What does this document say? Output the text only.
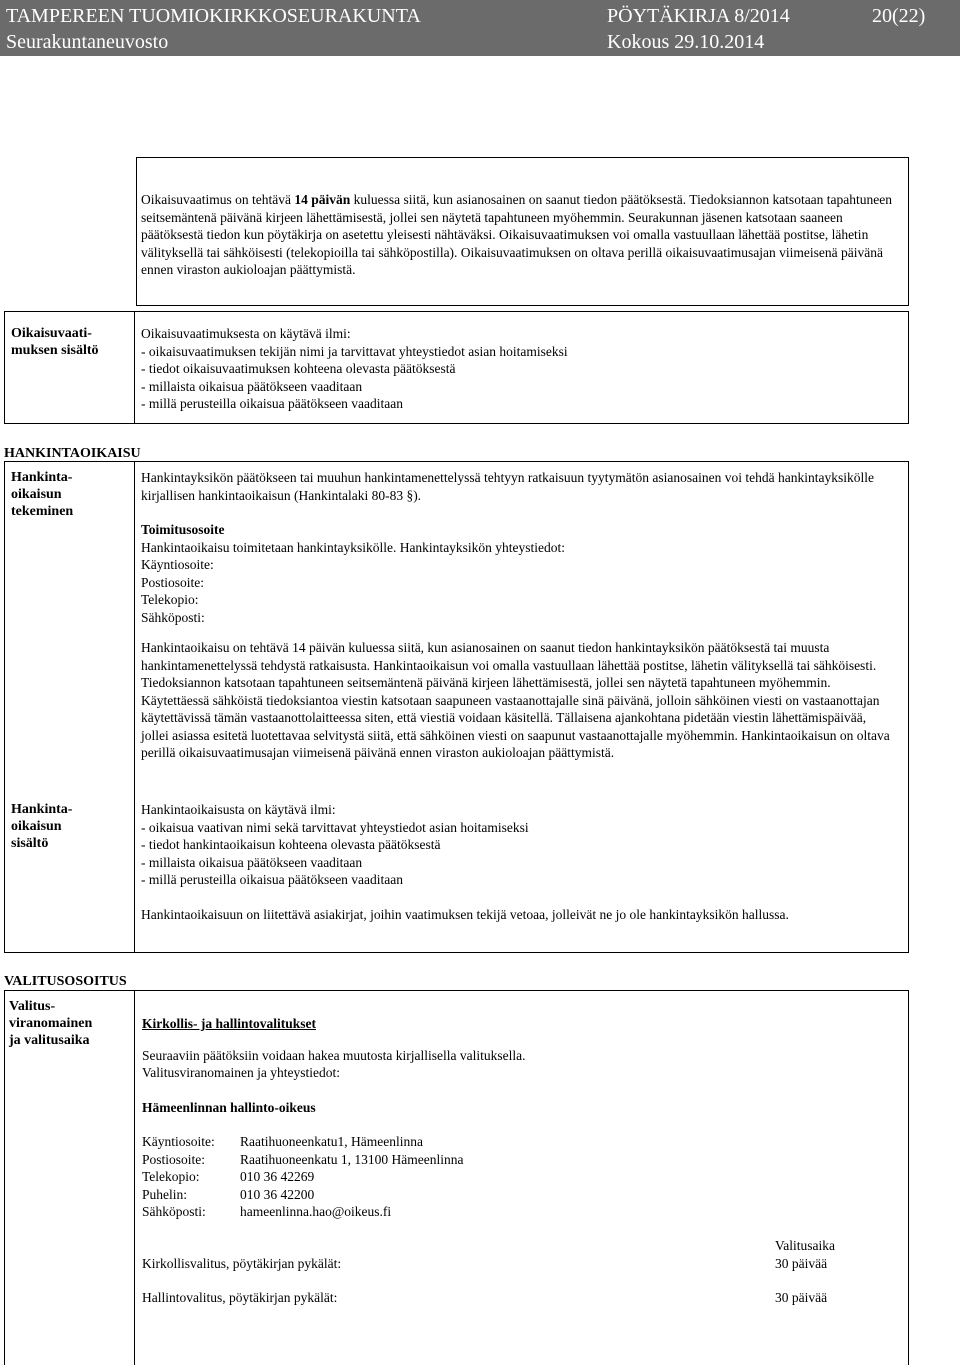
TAMPEREEN TUOMIOKIRKKOSEURAKUNTA	PÖYTÄKIRJA 8/2014	20(22)
Seurakuntaneuvosto	Kokous 29.10.2014
Oikaisuvaatimus on tehtävä 14 päivän kuluessa siitä, kun asianosainen on saanut tiedon päätöksestä. Tiedoksiannon katsotaan tapahtuneen seitsemäntenä päivänä kirjeen lähettämisestä, jollei sen näytetä tapahtuneen myöhemmin. Seurakunnan jäsenen katsotaan saaneen päätöksestä tiedon kun pöytäkirja on asetettu yleisesti nähtäväksi. Oikaisuvaatimuksen voi omalla vastuullaan lähettää postitse, lähetin välityksellä tai sähköisesti (telekopioilla tai sähköpostilla). Oikaisuvaatimuksen on oltava perillä oikaisuvaatimusajan viimeisenä päivänä ennen viraston aukioloajan päättymistä.
Oikaisuvaati-
muksen sisältö

Oikaisuvaatimuksesta on käytävä ilmi:

- oikaisuvaatimuksen tekijän nimi ja tarvittavat yhteystiedot asian hoitamiseksi

- tiedot oikaisuvaatimuksen kohteena olevasta päätöksestä

- millaista oikaisua päätökseen vaaditaan

- millä perusteilla oikaisua päätökseen vaaditaan

HANKINTAOIKAISU
Hankinta-
oikaisun
tekeminen

Hankintayksikön päätökseen tai muuhun hankintamenettelyssä tehtyyn ratkaisuun tyytymätön asianosainen voi tehdä hankintayksikölle kirjallisen hankintaoikaisun (Hankintalaki 80-83 §).

Toimitusosoite

Hankintaoikaisu toimitetaan hankintayksikölle. Hankintayksikön yhteystiedot:

Käyntiosoite:

Postiosoite:

Telekopio:

Sähköposti:

Hankintaoikaisu on tehtävä 14 päivän kuluessa siitä, kun asianosainen on saanut tiedon hankintayksikön päätöksestä tai muusta hankintamenettelyssä tehdystä ratkaisusta. Hankintaoikaisun voi omalla vastuullaan lähettää postitse, lähetin välityksellä tai sähköisesti. Tiedoksiannon katsotaan tapahtuneen seitsemäntenä päivänä kirjeen lähettämisestä, jollei sen näytetä tapahtuneen myöhemmin. Käytettäessä sähköistä tiedoksiantoa viestin katsotaan saapuneen vastaanottajalle sinä päivänä, jolloin sähköinen viesti on vastaanottajan käytettävissä tämän vastaanottolaitteessa siten, että viestiä voidaan käsitellä. Tällaisena ajankohtana pidetään viestin lähettämispäivää, jollei asiassa esitetä luotettavaa selvitystä siitä, että sähköinen viesti on saapunut vastaanottajalle myöhemmin. Hankintaoikaisun on oltava perillä oikaisuvaatimusajan viimeisenä päivänä ennen viraston aukioloajan päättymistä.
Hankinta-
oikaisun
sisältö

Hankintaoikaisusta on käytävä ilmi:

- oikaisua vaativan nimi sekä tarvittavat yhteystiedot asian hoitamiseksi

- tiedot hankintaoikaisun kohteena olevasta päätöksestä

- millaista oikaisua päätökseen vaaditaan

- millä perusteilla oikaisua päätökseen vaaditaan

Hankintaoikaisuun on liitettävä asiakirjat, joihin vaatimuksen tekijä vetoaa, jolleivät ne jo ole hankintayksikön hallussa.

VALITUSOSOITUS
Valitus-
viranomainen
ja valitusaika

Kirkollis- ja hallintovalitukset

Seuraaviin päätöksiin voidaan hakea muutosta kirjallisella valituksella.

Valitusviranomainen ja yhteystiedot:

Hämeenlinnan hallinto-oikeus

Käyntiosoite:	Raatihuoneenkatu1, Hämeenlinna
Postiosoite:	Raatihuoneenkatu 1, 13100 Hämeenlinna
Telekopio:	010 36 42269
Puhelin:	010 36 42200
Sähköposti:	hameenlinna.hao@oikeus.fi
Valitusaika
Kirkollisvalitus, pöytäkirjan pykälät:	30 päivää
Hallintovalitus, pöytäkirjan pykälät:	30 päivää
